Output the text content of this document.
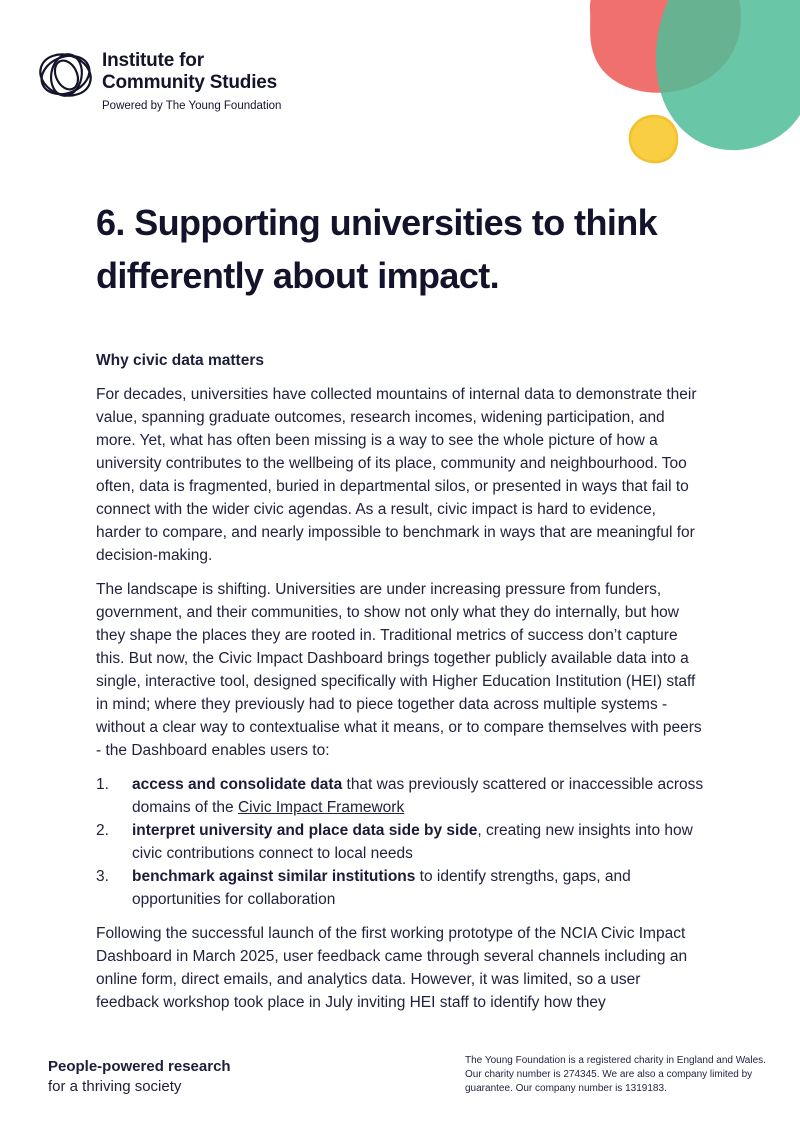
Institute for
Community Studies
Powered by The Young Foundation
6. Supporting universities to think
differently about impact.
Why civic data matters

For decades, universities have collected mountains of internal data to demonstrate their value, spanning graduate outcomes, research incomes, widening participation, and more. Yet, what has often been missing is a way to see the whole picture of how a university contributes to the wellbeing of its place, community and neighbourhood. Too often, data is fragmented, buried in departmental silos, or presented in ways that fail to connect with the wider civic agendas. As a result, civic impact is hard to evidence, harder to compare, and nearly impossible to benchmark in ways that are meaningful for decision-making.

The landscape is shifting. Universities are under increasing pressure from funders, government, and their communities, to show not only what they do internally, but how they shape the places they are rooted in. Traditional metrics of success don’t capture this. But now, the Civic Impact Dashboard brings together publicly available data into a single, interactive tool, designed specifically with Higher Education Institution (HEI) staff in mind; where they previously had to piece together data across multiple systems - without a clear way to contextualise what it means, or to compare themselves with peers - the Dashboard enables users to:

1.	access and consolidate data that was previously scattered or inaccessible across domains of the Civic Impact Framework
2.	interpret university and place data side by side, creating new insights into how civic contributions connect to local needs
3.	benchmark against similar institutions to identify strengths, gaps, and opportunities for collaboration

Following the successful launch of the first working prototype of the NCIA Civic Impact Dashboard in March 2025, user feedback came through several channels including an online form, direct emails, and analytics data. However, it was limited, so a user feedback workshop took place in July inviting HEI staff to identify how they

People-powered research
for a thriving society
The Young Foundation is a registered charity in England and Wales.
Our charity number is 274345. We are also a company limited by
guarantee. Our company number is 1319183.
